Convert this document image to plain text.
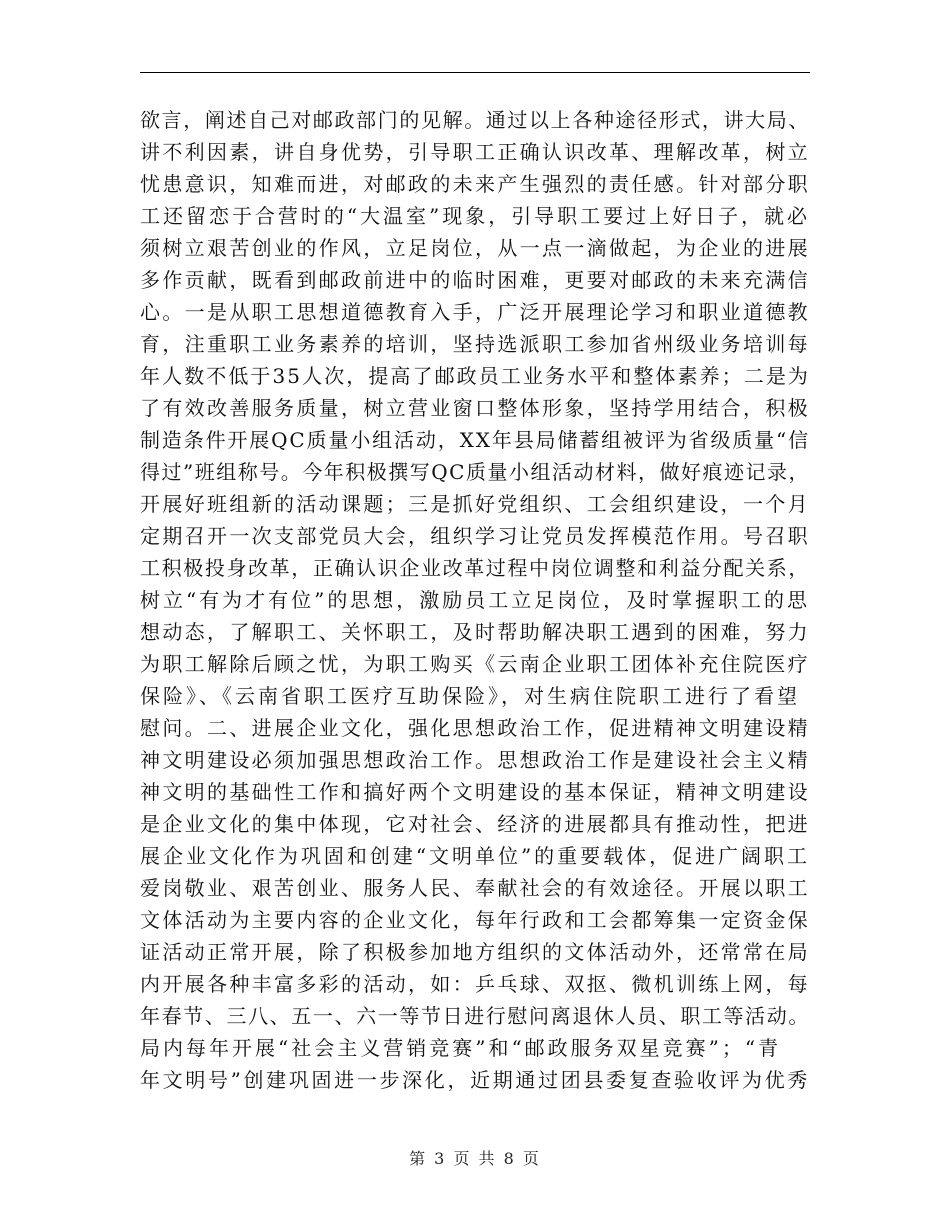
欲言，阐述自己对邮政部门的见解。通过以上各种途径形式，讲大局、
讲不利因素，讲自身优势，引导职工正确认识改革、理解改革，树立
忧患意识，知难而进，对邮政的未来产生强烈的责任感。针对部分职
工还留恋于合营时的“大温室”现象，引导职工要过上好日子，就必
须树立艰苦创业的作风，立足岗位，从一点一滴做起，为企业的进展
多作贡献，既看到邮政前进中的临时困难，更要对邮政的未来充满信
心。一是从职工思想道德教育入手，广泛开展理论学习和职业道德教
育，注重职工业务素养的培训，坚持选派职工参加省州级业务培训每
年人数不低于35人次，提高了邮政员工业务水平和整体素养；二是为
了有效改善服务质量，树立营业窗口整体形象，坚持学用结合，积极
制造条件开展QC质量小组活动，XX年县局储蓄组被评为省级质量“信
得过”班组称号。今年积极撰写QC质量小组活动材料，做好痕迹记录，
开展好班组新的活动课题；三是抓好党组织、工会组织建设，一个月
定期召开一次支部党员大会，组织学习让党员发挥模范作用。号召职
工积极投身改革，正确认识企业改革过程中岗位调整和利益分配关系，
树立“有为才有位”的思想，激励员工立足岗位，及时掌握职工的思
想动态，了解职工、关怀职工，及时帮助解决职工遇到的困难，努力
为职工解除后顾之忧，为职工购买《云南企业职工团体补充住院医疗
保险》、《云南省职工医疗互助保险》，对生病住院职工进行了看望
慰问。二、进展企业文化，强化思想政治工作，促进精神文明建设精
神文明建设必须加强思想政治工作。思想政治工作是建设社会主义精
神文明的基础性工作和搞好两个文明建设的基本保证，精神文明建设
是企业文化的集中体现，它对社会、经济的进展都具有推动性，把进
展企业文化作为巩固和创建“文明单位”的重要载体，促进广阔职工
爱岗敬业、艰苦创业、服务人民、奉献社会的有效途径。开展以职工
文体活动为主要内容的企业文化，每年行政和工会都筹集一定资金保
证活动正常开展，除了积极参加地方组织的文体活动外，还常常在局
内开展各种丰富多彩的活动，如：乒乓球、双抠、微机训练上网，每
年春节、三八、五一、六一等节日进行慰问离退休人员、职工等活动。
局内每年开展“社会主义营销竞赛”和“邮政服务双星竞赛”；“青
年文明号”创建巩固进一步深化，近期通过团县委复查验收评为优秀
第 3 页 共 8 页
